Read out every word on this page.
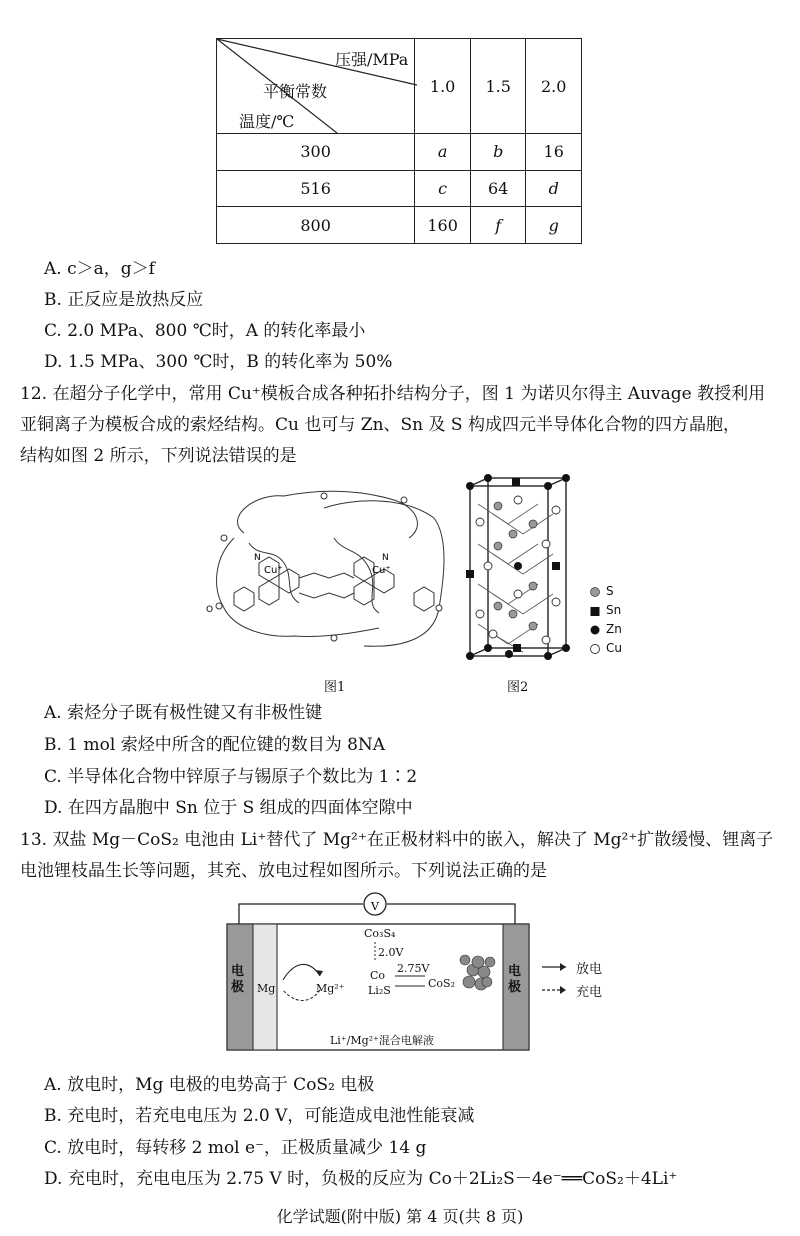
压强/MPa
平衡常数
温度/℃	1.0	1.5	2.0
300	a	b	16
516	c	64	d
800	160	f	g
A. c＞a，g＞f
B. 正反应是放热反应
C. 2.0 MPa、800 ℃时，A 的转化率最小
D. 1.5 MPa、300 ℃时，B 的转化率为 50%
12. 在超分子化学中，常用 Cu⁺模板合成各种拓扑结构分子，图 1 为诺贝尔得主 Auvage 教授利用
亚铜离子为模板合成的索烃结构。Cu 也可与 Zn、Sn 及 S 构成四元半导体化合物的四方晶胞，
结构如图 2 所示，下列说法错误的是
Cu⁺	Cu⁺
N	N
O
图1	图2
S
Sn
Zn
Cu
A. 索烃分子既有极性键又有非极性键
B. 1 mol 索烃中所含的配位键的数目为 8NA
C. 半导体化合物中锌原子与锡原子个数比为 1∶2
D. 在四方晶胞中 Sn 位于 S 组成的四面体空隙中
13. 双盐 Mg－CoS₂ 电池由 Li⁺替代了 Mg²⁺在正极材料中的嵌入，解决了 Mg²⁺扩散缓慢、锂离子
电池锂枝晶生长等问题，其充、放电过程如图所示。下列说法正确的是
V
电极
电极
Mg	Mg²⁺
Co₃S₄
2.0V
2.75V
Co
Li₂S
CoS₂
Li⁺/Mg²⁺混合电解液
放电
充电
A. 放电时，Mg 电极的电势高于 CoS₂ 电极
B. 充电时，若充电电压为 2.0 V，可能造成电池性能衰减
C. 放电时，每转移 2 mol e⁻，正极质量减少 14 g
D. 充电时，充电电压为 2.75 V 时，负极的反应为 Co＋2Li₂S－4e⁻══CoS₂＋4Li⁺
化学试题(附中版) 第 4 页(共 8 页)
